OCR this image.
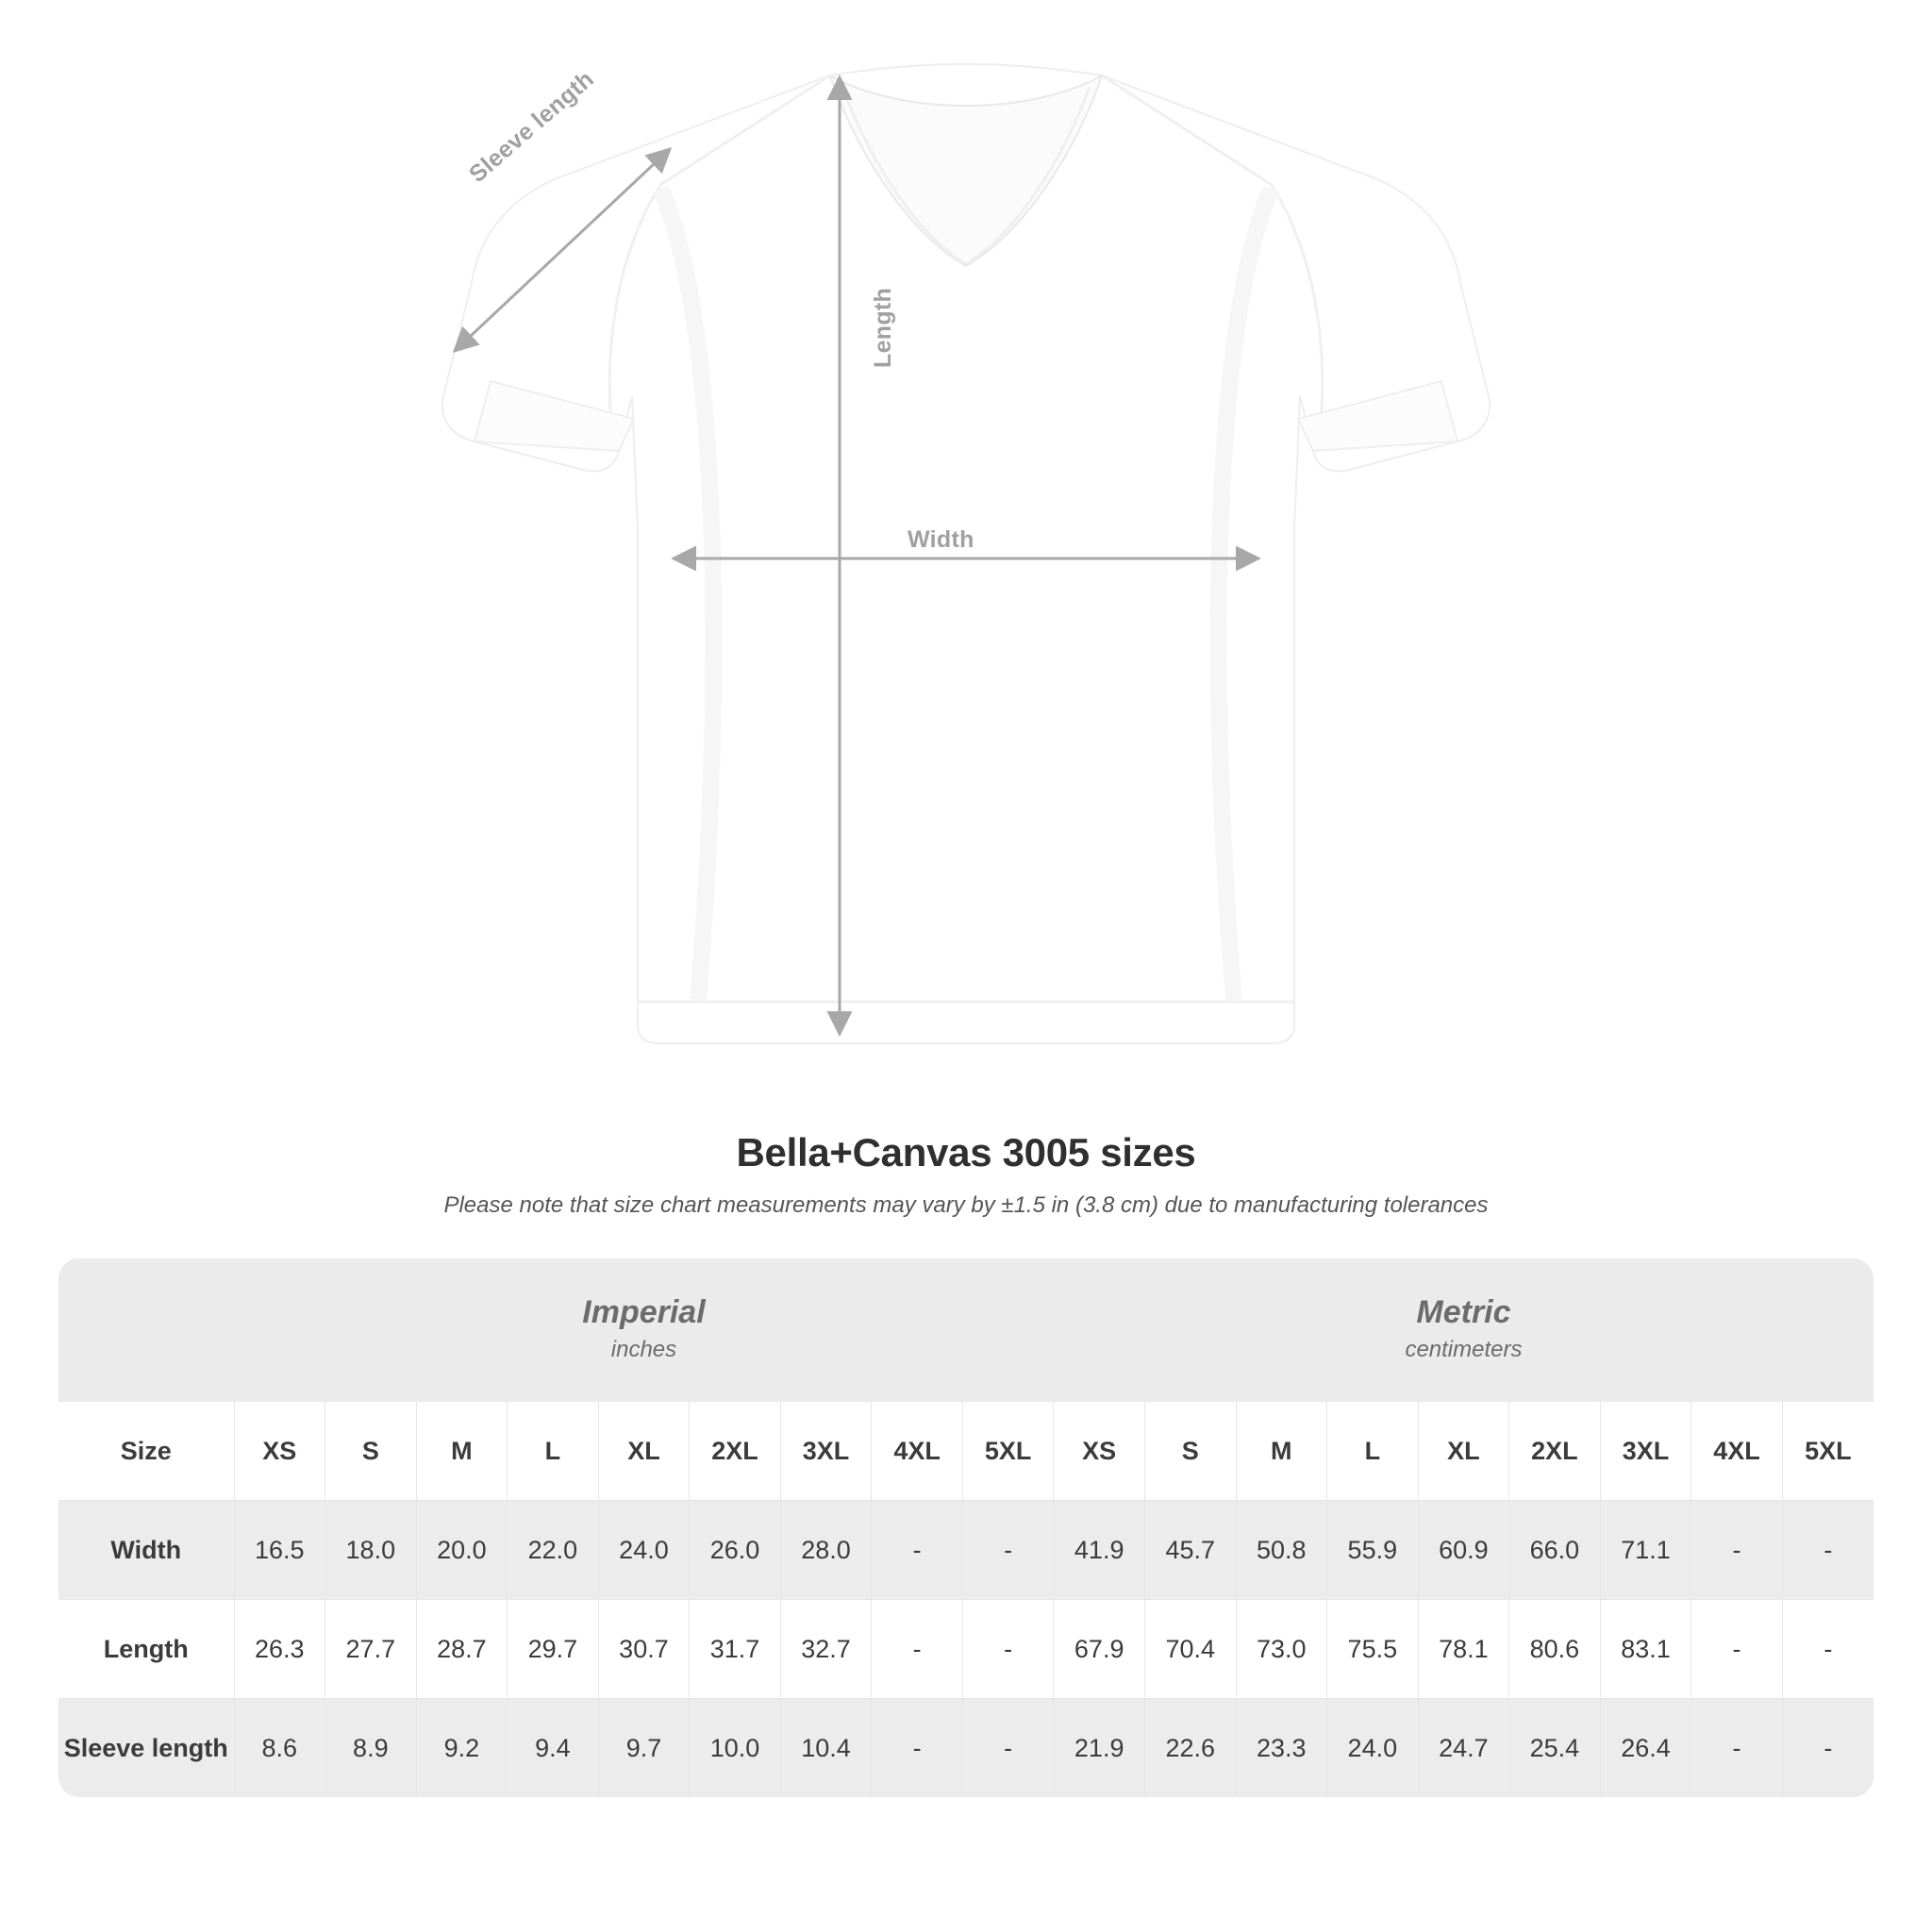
Sleeve length
Length
Width
Bella+Canvas 3005 sizes
Please note that size chart measurements may vary by ±1.5 in (3.8 cm) due to manufacturing tolerances

Imperial
inches

Metric
centimeters

Size	XS	S	M	L	XL	2XL	3XL	4XL	5XL	XS	S	M	L	XL	2XL	3XL	4XL	5XL
Width	16.5	18.0	20.0	22.0	24.0	26.0	28.0	-	-	41.9	45.7	50.8	55.9	60.9	66.0	71.1	-	-
Length	26.3	27.7	28.7	29.7	30.7	31.7	32.7	-	-	67.9	70.4	73.0	75.5	78.1	80.6	83.1	-	-
Sleeve length	8.6	8.9	9.2	9.4	9.7	10.0	10.4	-	-	21.9	22.6	23.3	24.0	24.7	25.4	26.4	-	-
